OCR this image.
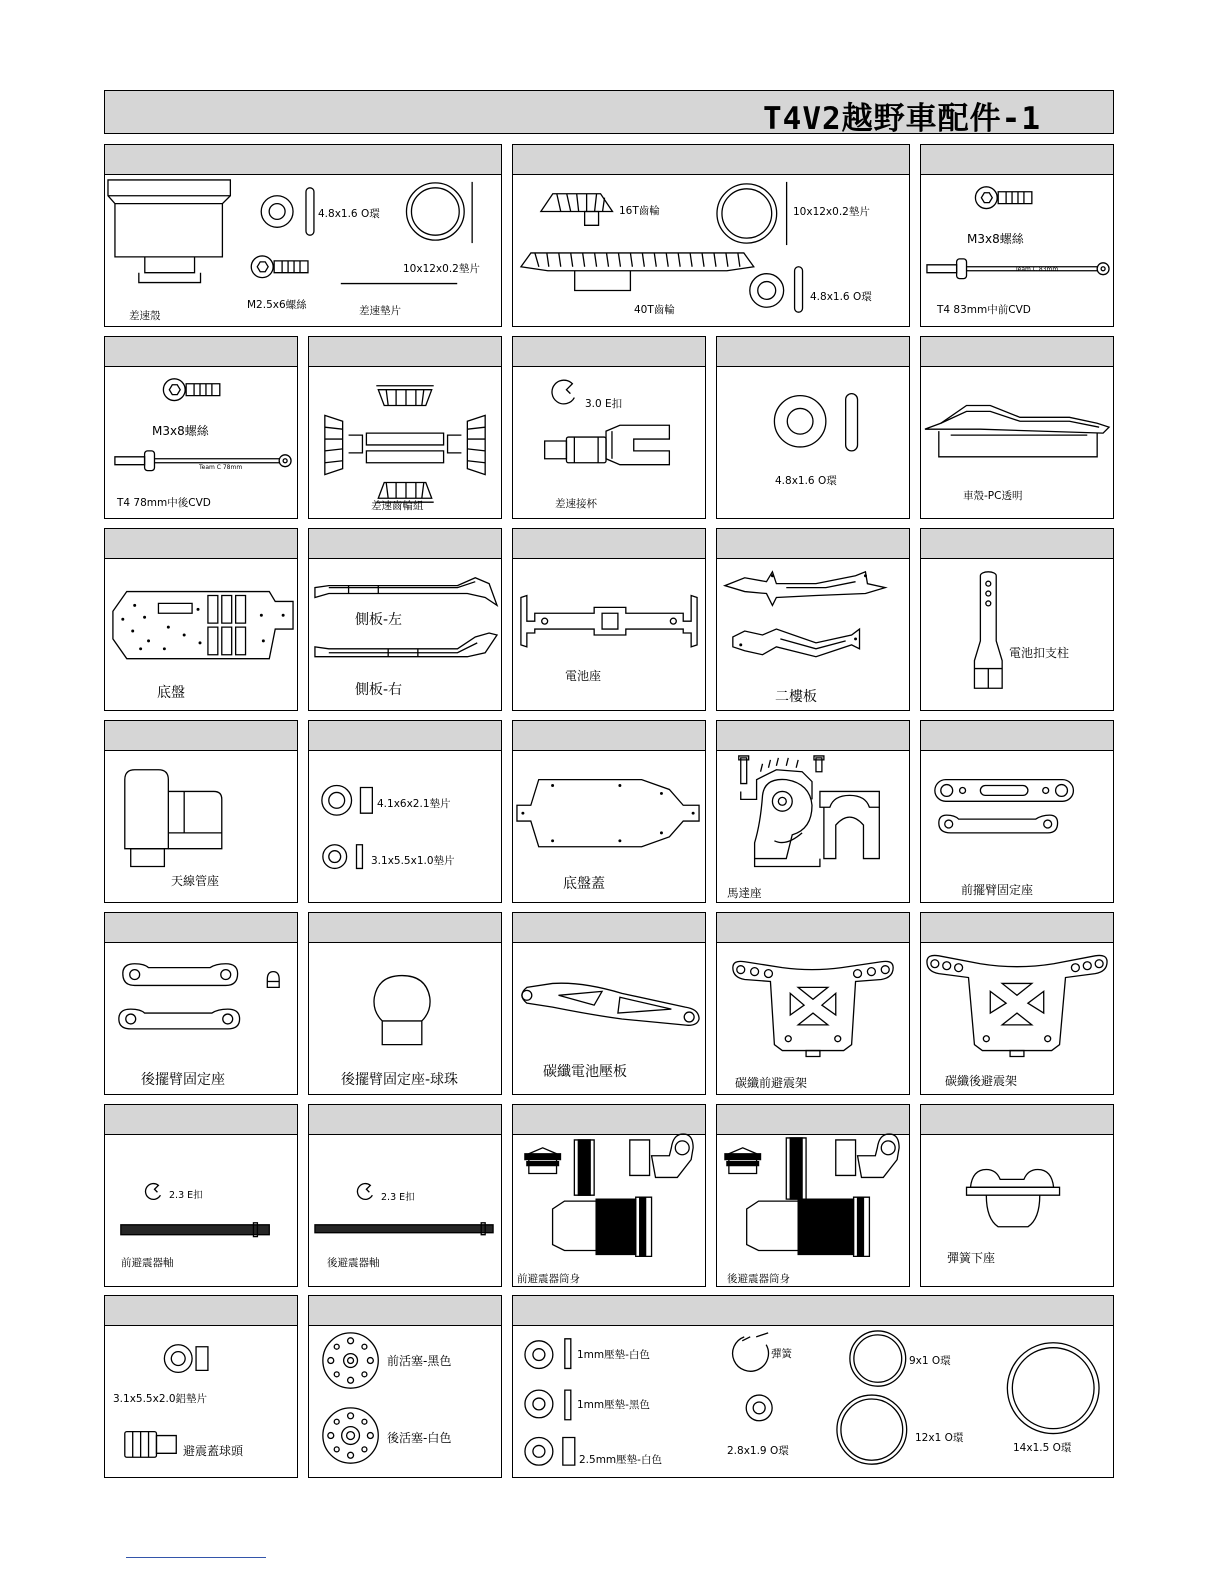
T4V2越野車配件-1
4.8x1.6 O環
10x12x0.2墊片
M2.5x6螺絲	差速墊片
差速殼
16T齒輪	10x12x0.2墊片
40T齒輪
4.8x1.6 O環
M3x8螺絲
Team C 83mm
T4 83mm中前CVD
M3x8螺絲
Team C 78mm
T4 78mm中後CVD	差速齒輪組
3.0 E扣
差速接杯
4.8x1.6 O環
車殼-PC透明
底盤
側板-左
側板-右
電池座
二樓板
電池扣支柱
天線管座
4.1x6x2.1墊片
3.1x5.5x1.0墊片
底盤蓋
馬達座	前擺臂固定座
後擺臂固定座	後擺臂固定座-球珠	碳纖電池壓板
碳纖前避震架	碳纖後避震架
2.3 E扣
前避震器軸
2.3 E扣
後避震器軸
前避震器筒身	後避震器筒身
彈簧下座
3.1x5.5x2.0鋁墊片
避震蓋球頭
前活塞-黑色
後活塞-白色
1mm壓墊-白色
1mm壓墊-黑色
2.5mm壓墊-白色
彈簧
2.8x1.9 O環
9x1 O環
12x1 O環
14x1.5 O環
